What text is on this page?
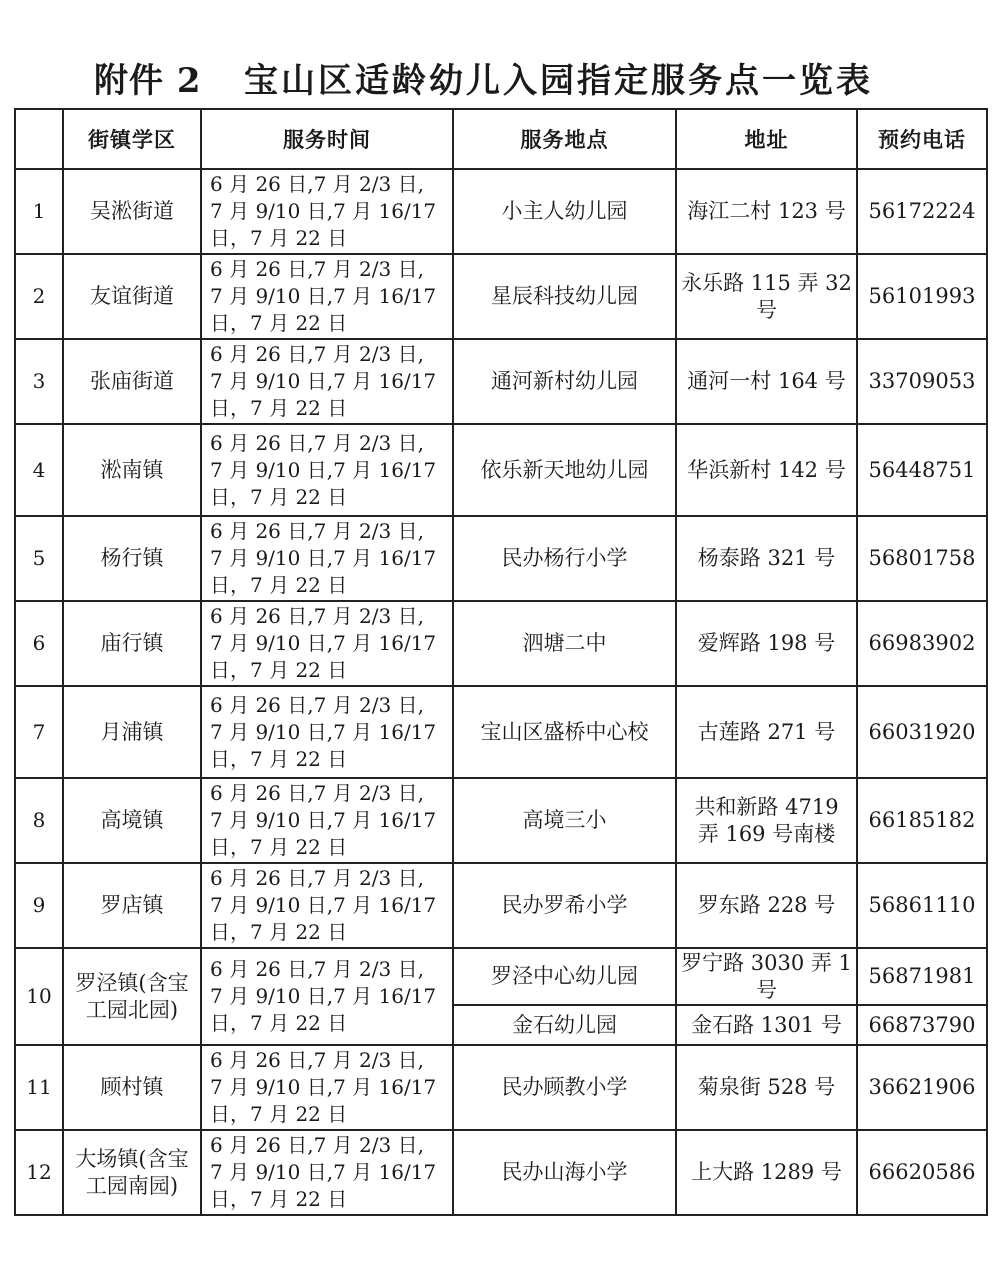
附件 2	宝山区适龄幼儿入园指定服务点一览表
	街镇学区	服务时间	服务地点	地址	预约电话
1	吴淞街道	6 月 26 日,7 月 2/3 日,
7 月 9/10 日,7 月 16/17
日，7 月 22 日	小主人幼儿园	海江二村 123 号	56172224
2	友谊街道	6 月 26 日,7 月 2/3 日,
7 月 9/10 日,7 月 16/17
日，7 月 22 日	星辰科技幼儿园	永乐路 115 弄 32 号	56101993
3	张庙街道	6 月 26 日,7 月 2/3 日,
7 月 9/10 日,7 月 16/17
日，7 月 22 日	通河新村幼儿园	通河一村 164 号	33709053
4	淞南镇	6 月 26 日,7 月 2/3 日,
7 月 9/10 日,7 月 16/17
日，7 月 22 日	依乐新天地幼儿园	华浜新村 142 号	56448751
5	杨行镇	6 月 26 日,7 月 2/3 日,
7 月 9/10 日,7 月 16/17
日，7 月 22 日	民办杨行小学	杨泰路 321 号	56801758
6	庙行镇	6 月 26 日,7 月 2/3 日,
7 月 9/10 日,7 月 16/17
日，7 月 22 日	泗塘二中	爱辉路 198 号	66983902
7	月浦镇	6 月 26 日,7 月 2/3 日,
7 月 9/10 日,7 月 16/17
日，7 月 22 日	宝山区盛桥中心校	古莲路 271 号	66031920
8	高境镇	6 月 26 日,7 月 2/3 日,
7 月 9/10 日,7 月 16/17
日，7 月 22 日	高境三小	共和新路 4719 弄 169 号南楼	66185182
9	罗店镇	6 月 26 日,7 月 2/3 日,
7 月 9/10 日,7 月 16/17
日，7 月 22 日	民办罗希小学	罗东路 228 号	56861110
10	罗泾镇(含宝工园北园)	6 月 26 日,7 月 2/3 日,
7 月 9/10 日,7 月 16/17
日，7 月 22 日	罗泾中心幼儿园	罗宁路 3030 弄 1 号	56871981
			金石幼儿园	金石路 1301 号	66873790
11	顾村镇	6 月 26 日,7 月 2/3 日,
7 月 9/10 日,7 月 16/17
日，7 月 22 日	民办顾教小学	菊泉街 528 号	36621906
12	大场镇(含宝工园南园)	6 月 26 日,7 月 2/3 日,
7 月 9/10 日,7 月 16/17
日，7 月 22 日	民办山海小学	上大路 1289 号	66620586
